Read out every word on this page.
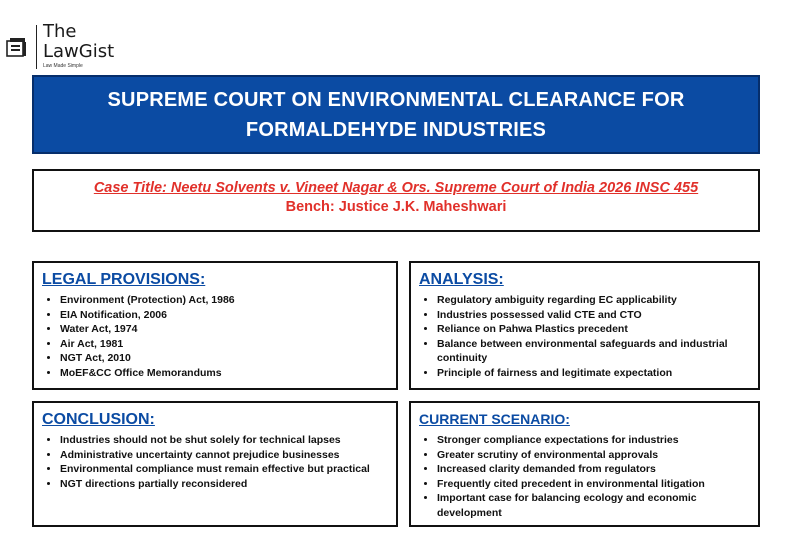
The
LawGist
Law Made Simple
SUPREME COURT ON ENVIRONMENTAL CLEARANCE FOR FORMALDEHYDE INDUSTRIES
Case Title: Neetu Solvents v. Vineet Nagar & Ors. Supreme Court of India 2026 INSC 455
Bench: Justice J.K. Maheshwari
LEGAL PROVISIONS:
• Environment (Protection) Act, 1986
• EIA Notification, 2006
• Water Act, 1974
• Air Act, 1981
• NGT Act, 2010
• MoEF&CC Office Memorandums
ANALYSIS:
• Regulatory ambiguity regarding EC applicability
• Industries possessed valid CTE and CTO
• Reliance on Pahwa Plastics precedent
• Balance between environmental safeguards and industrial continuity
• Principle of fairness and legitimate expectation
CONCLUSION:
• Industries should not be shut solely for technical lapses
• Administrative uncertainty cannot prejudice businesses
• Environmental compliance must remain effective but practical
• NGT directions partially reconsidered
CURRENT SCENARIO:
• Stronger compliance expectations for industries
• Greater scrutiny of environmental approvals
• Increased clarity demanded from regulators
• Frequently cited precedent in environmental litigation
• Important case for balancing ecology and economic development
